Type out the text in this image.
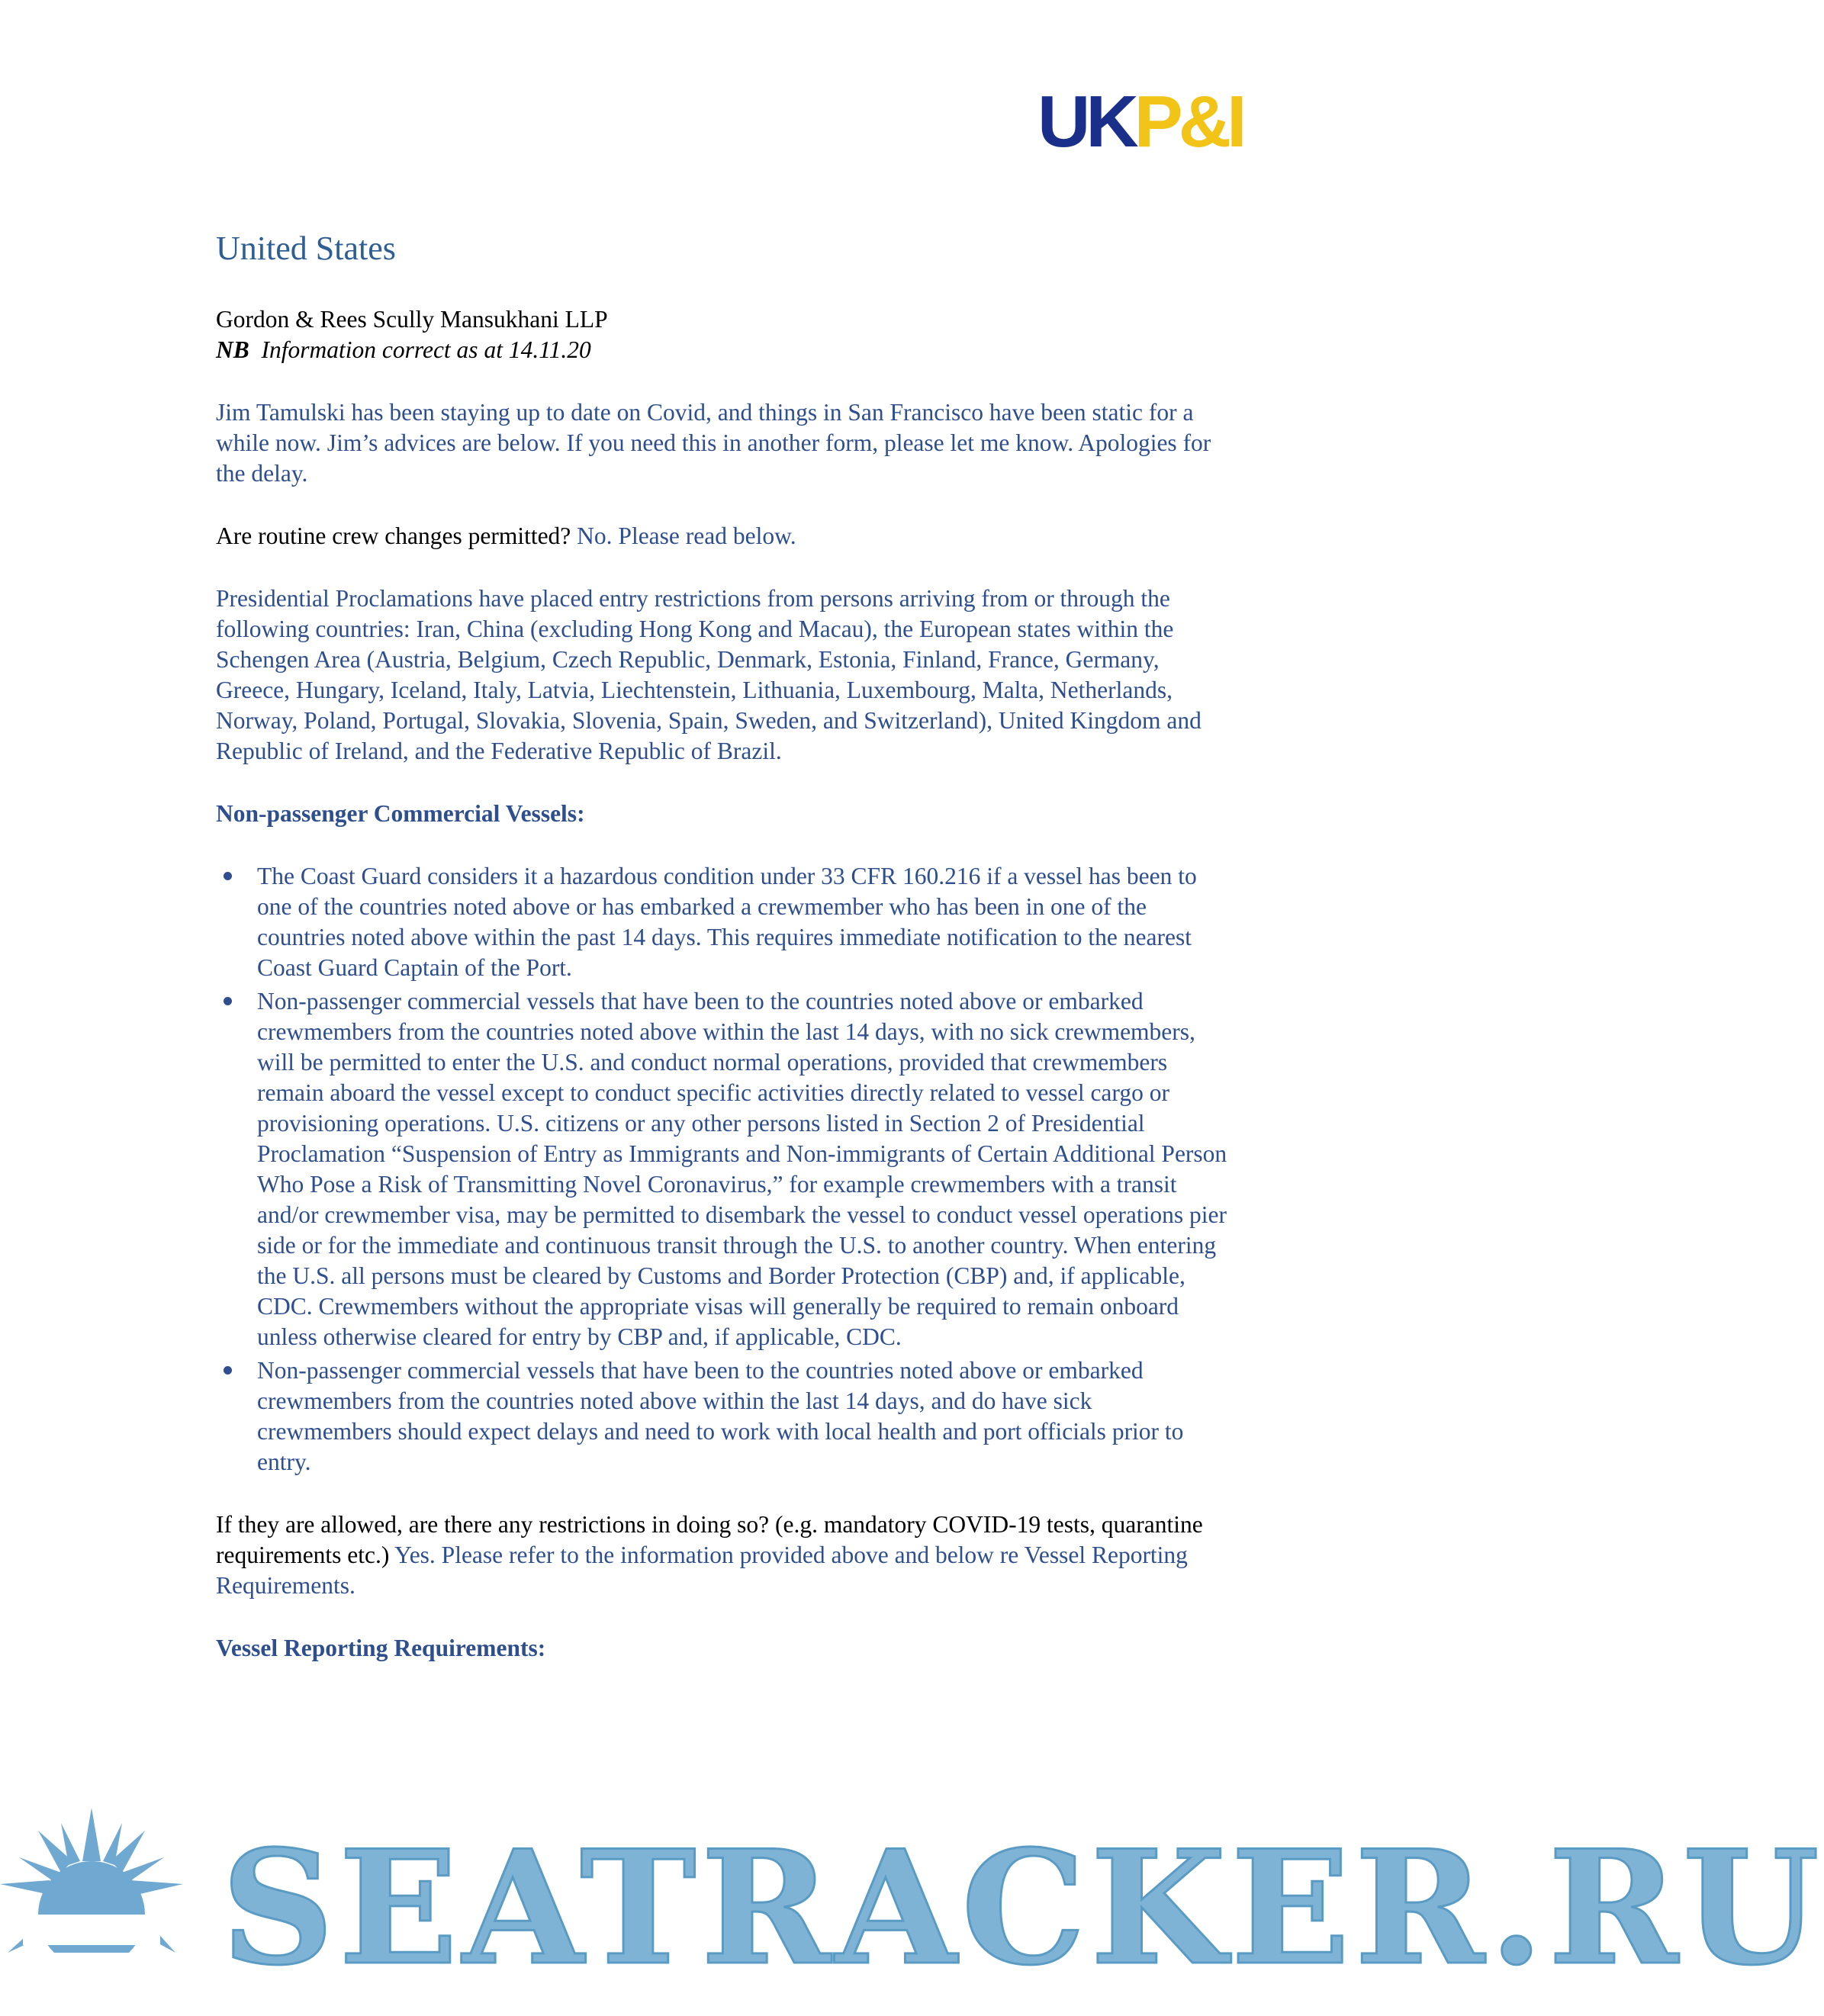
UKP&I
United States

Gordon & Rees Scully Mansukhani LLP

NB Information correct as at 14.11.20

Jim Tamulski has been staying up to date on Covid, and things in San Francisco have been static for a while now. Jim’s advices are below. If you need this in another form, please let me know. Apologies for the delay.

Are routine crew changes permitted? No. Please read below.

Presidential Proclamations have placed entry restrictions from persons arriving from or through the following countries: Iran, China (excluding Hong Kong and Macau), the European states within the Schengen Area (Austria, Belgium, Czech Republic, Denmark, Estonia, Finland, France, Germany, Greece, Hungary, Iceland, Italy, Latvia, Liechtenstein, Lithuania, Luxembourg, Malta, Netherlands, Norway, Poland, Portugal, Slovakia, Slovenia, Spain, Sweden, and Switzerland), United Kingdom and Republic of Ireland, and the Federative Republic of Brazil.

Non-passenger Commercial Vessels:

The Coast Guard considers it a hazardous condition under 33 CFR 160.216 if a vessel has been to one of the countries noted above or has embarked a crewmember who has been in one of the countries noted above within the past 14 days. This requires immediate notification to the nearest Coast Guard Captain of the Port.
Non-passenger commercial vessels that have been to the countries noted above or embarked crewmembers from the countries noted above within the last 14 days, with no sick crewmembers, will be permitted to enter the U.S. and conduct normal operations, provided that crewmembers remain aboard the vessel except to conduct specific activities directly related to vessel cargo or provisioning operations. U.S. citizens or any other persons listed in Section 2 of Presidential Proclamation “Suspension of Entry as Immigrants and Non-immigrants of Certain Additional Person Who Pose a Risk of Transmitting Novel Coronavirus,” for example crewmembers with a transit and/or crewmember visa, may be permitted to disembark the vessel to conduct vessel operations pier side or for the immediate and continuous transit through the U.S. to another country. When entering the U.S. all persons must be cleared by Customs and Border Protection (CBP) and, if applicable, CDC. Crewmembers without the appropriate visas will generally be required to remain onboard unless otherwise cleared for entry by CBP and, if applicable, CDC.
Non-passenger commercial vessels that have been to the countries noted above or embarked crewmembers from the countries noted above within the last 14 days, and do have sick crewmembers should expect delays and need to work with local health and port officials prior to entry.

If they are allowed, are there any restrictions in doing so? (e.g. mandatory COVID-19 tests, quarantine requirements etc.) Yes. Please refer to the information provided above and below re Vessel Reporting Requirements.

Vessel Reporting Requirements:

SEATRACKER.RU
